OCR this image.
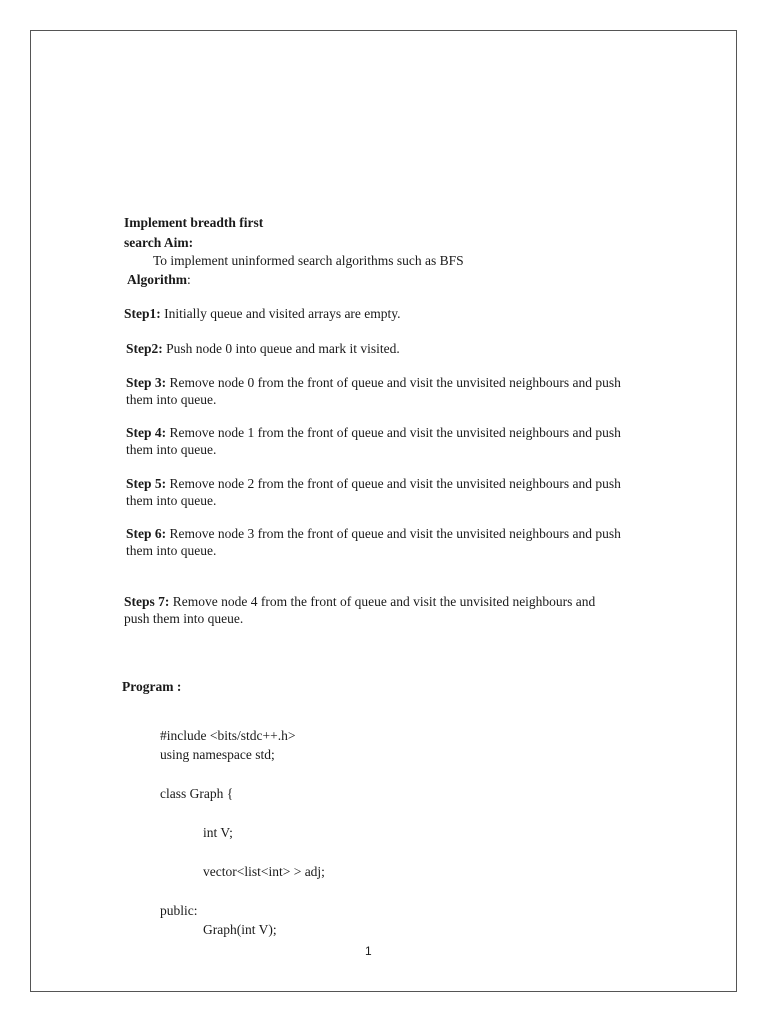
Implement breadth first
search Aim:
To implement uninformed search algorithms such as BFS
Algorithm:
Step1: Initially queue and visited arrays are empty.
Step2: Push node 0 into queue and mark it visited.
Step 3: Remove node 0 from the front of queue and visit the unvisited neighbours and push
them into queue.
Step 4: Remove node 1 from the front of queue and visit the unvisited neighbours and push
them into queue.
Step 5: Remove node 2 from the front of queue and visit the unvisited neighbours and push
them into queue.
Step 6: Remove node 3 from the front of queue and visit the unvisited neighbours and push
them into queue.
Steps 7: Remove node 4 from the front of queue and visit the unvisited neighbours and
push them into queue.
Program :
#include <bits/stdc++.h>
using namespace std;
class Graph {
int V;
vector<list<int> > adj;
public:
Graph(int V);
1
